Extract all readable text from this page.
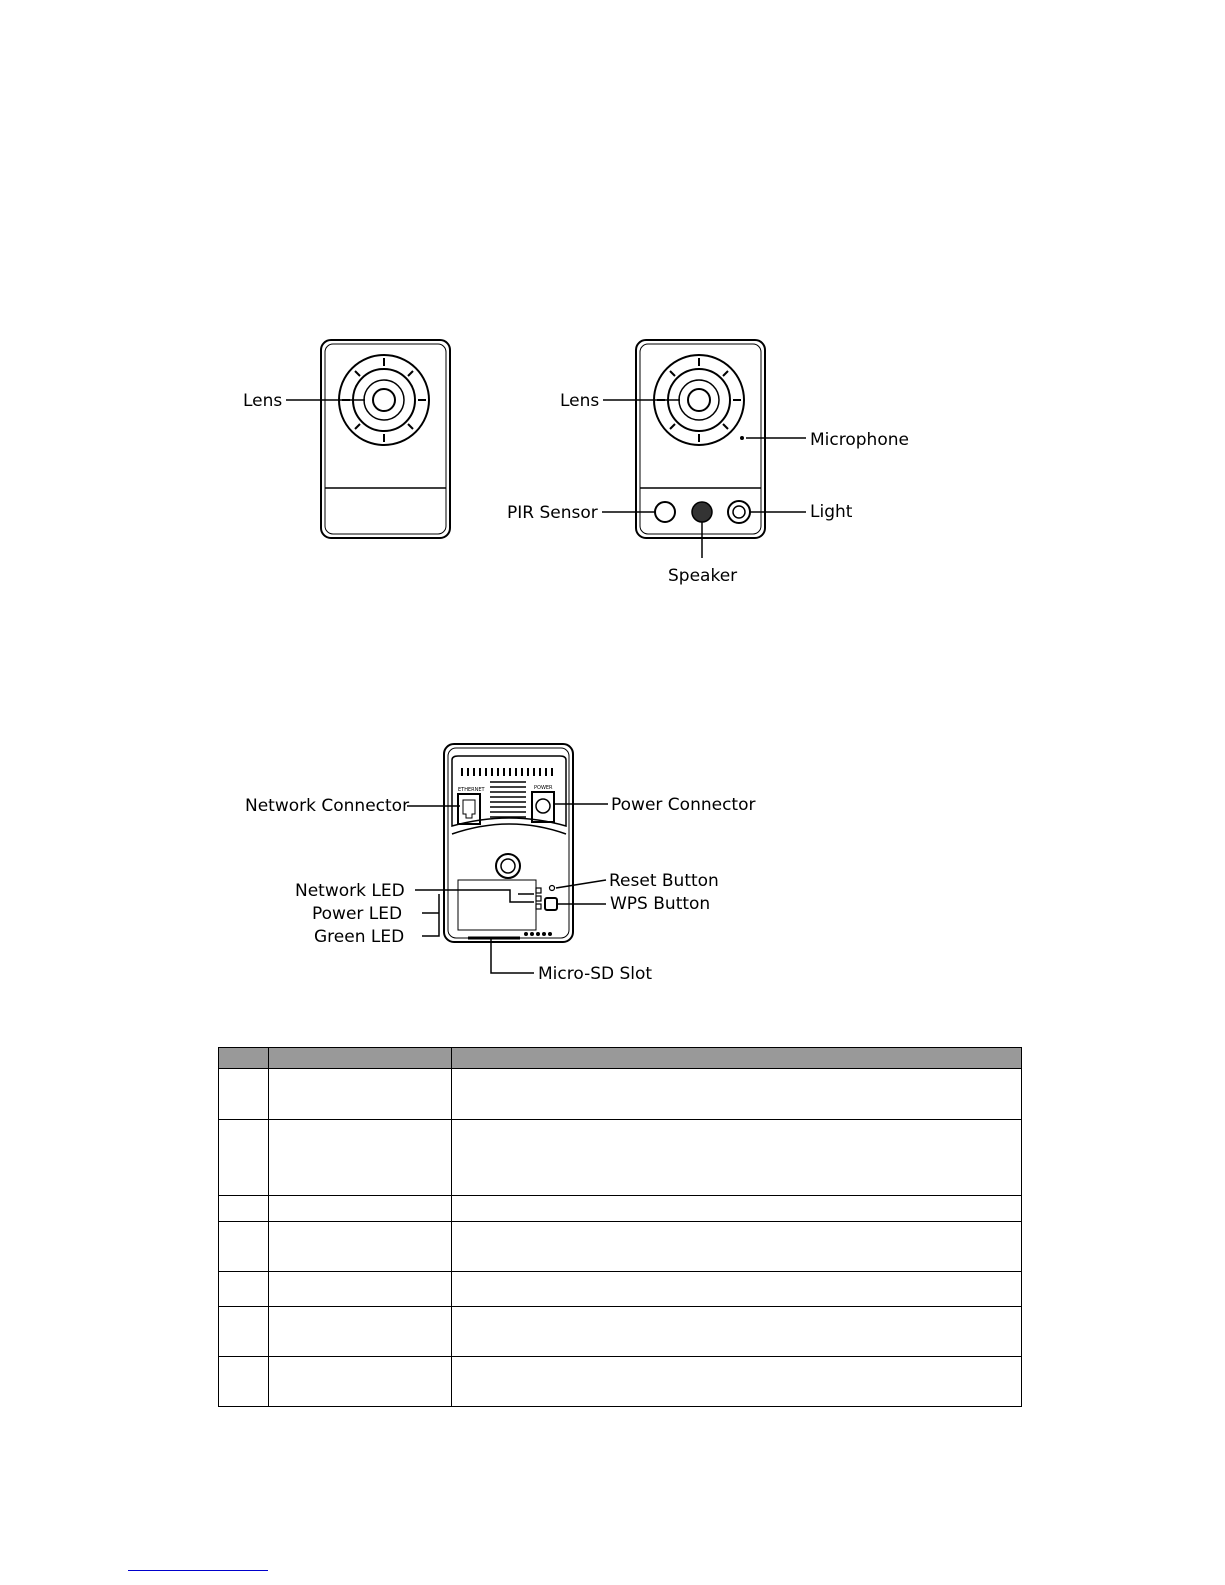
Lens	Lens
Microphone
PIR Sensor	Light
Speaker
ETHERNET	POWER
Network Connector	Power Connector
Network LED
Power LED
Green LED
Reset Button
WPS Button
Micro-SD Slot
